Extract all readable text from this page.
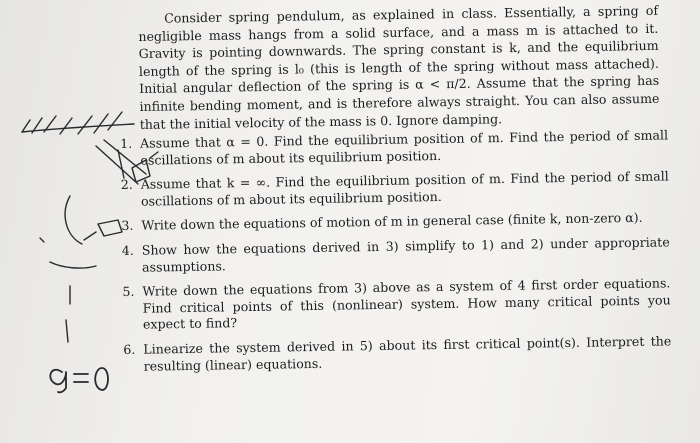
Consider spring pendulum, as explained in class. Essentially, a spring of negligible mass hangs from a solid surface, and a mass m is attached to it. Gravity is pointing downwards. The spring constant is k, and the equilibrium length of the spring is l₀ (this is length of the spring without mass attached). Initial angular deflection of the spring is α < π/2. Assume that the spring has infinite bending moment, and is therefore always straight. You can also assume that the initial velocity of the mass is 0. Ignore damping.

1. Assume that α = 0. Find the equilibrium position of m. Find the period of small oscillations of m about its equilibrium position.
2. Assume that k = ∞. Find the equilibrium position of m. Find the period of small oscillations of m about its equilibrium position.
3. Write down the equations of motion of m in general case (finite k, non-zero α).
4. Show how the equations derived in 3) simplify to 1) and 2) under appropriate assumptions.
5. Write down the equations from 3) above as a system of 4 first order equations. Find critical points of this (nonlinear) system. How many critical points you expect to find?
6. Linearize the system derived in 5) about its first critical point(s). Interpret the resulting (linear) equations.
